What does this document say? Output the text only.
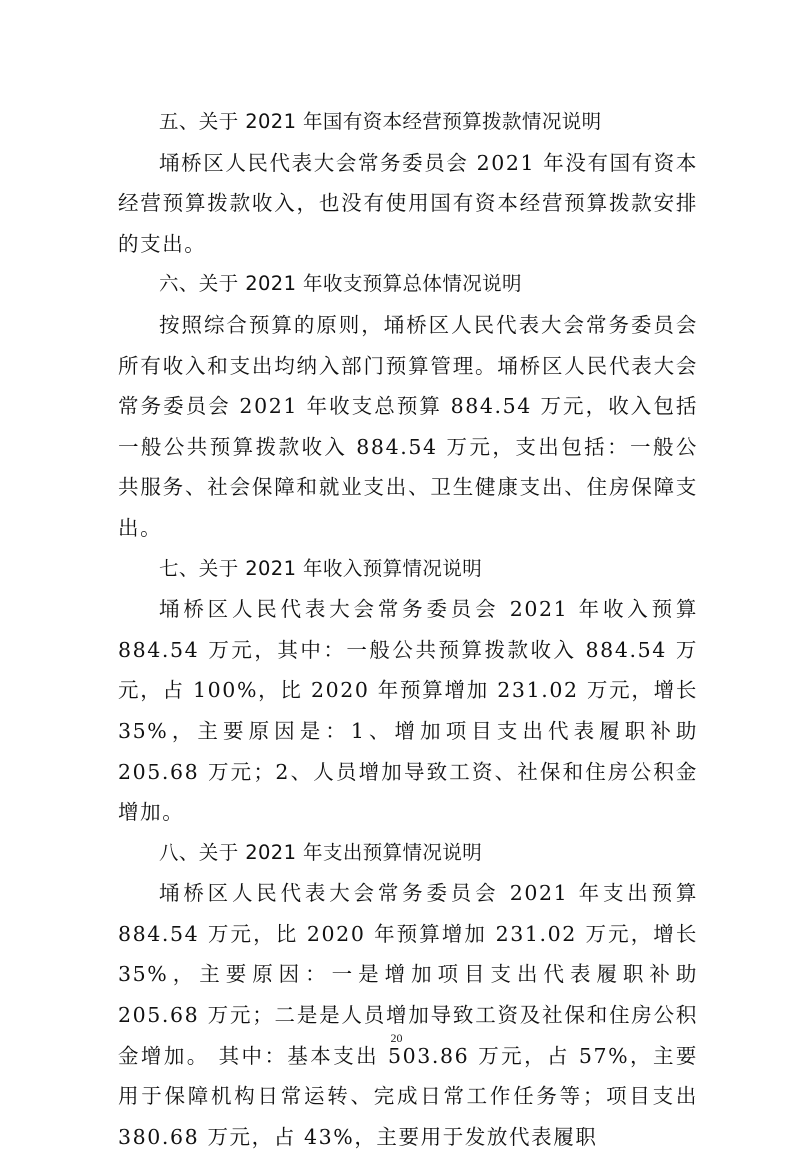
五、关于 2021 年国有资本经营预算拨款情况说明

埇桥区人民代表大会常务委员会 2021 年没有国有资本经营预算拨款收入，也没有使用国有资本经营预算拨款安排的支出。

六、关于 2021 年收支预算总体情况说明

按照综合预算的原则，埇桥区人民代表大会常务委员会所有收入和支出均纳入部门预算管理。埇桥区人民代表大会常务委员会 2021 年收支总预算 884.54 万元，收入包括一般公共预算拨款收入 884.54 万元，支出包括：一般公共服务、社会保障和就业支出、卫生健康支出、住房保障支出。

七、关于 2021 年收入预算情况说明

埇桥区人民代表大会常务委员会 2021 年收入预算 884.54 万元，其中：一般公共预算拨款收入 884.54 万元，占 100%，比 2020 年预算增加 231.02 万元，增长 35%，主要原因是：1、增加项目支出代表履职补助 205.68 万元；2、人员增加导致工资、社保和住房公积金增加。

八、关于 2021 年支出预算情况说明

埇桥区人民代表大会常务委员会 2021 年支出预算 884.54 万元，比 2020 年预算增加 231.02 万元，增长 35%，主要原因：一是增加项目支出代表履职补助 205.68 万元；二是是人员增加导致工资及社保和住房公积金增加。 其中：基本支出 503.86 万元，占 57%，主要用于保障机构日常运转、完成日常工作任务等；项目支出 380.68 万元，占 43%，主要用于发放代表履职

20
